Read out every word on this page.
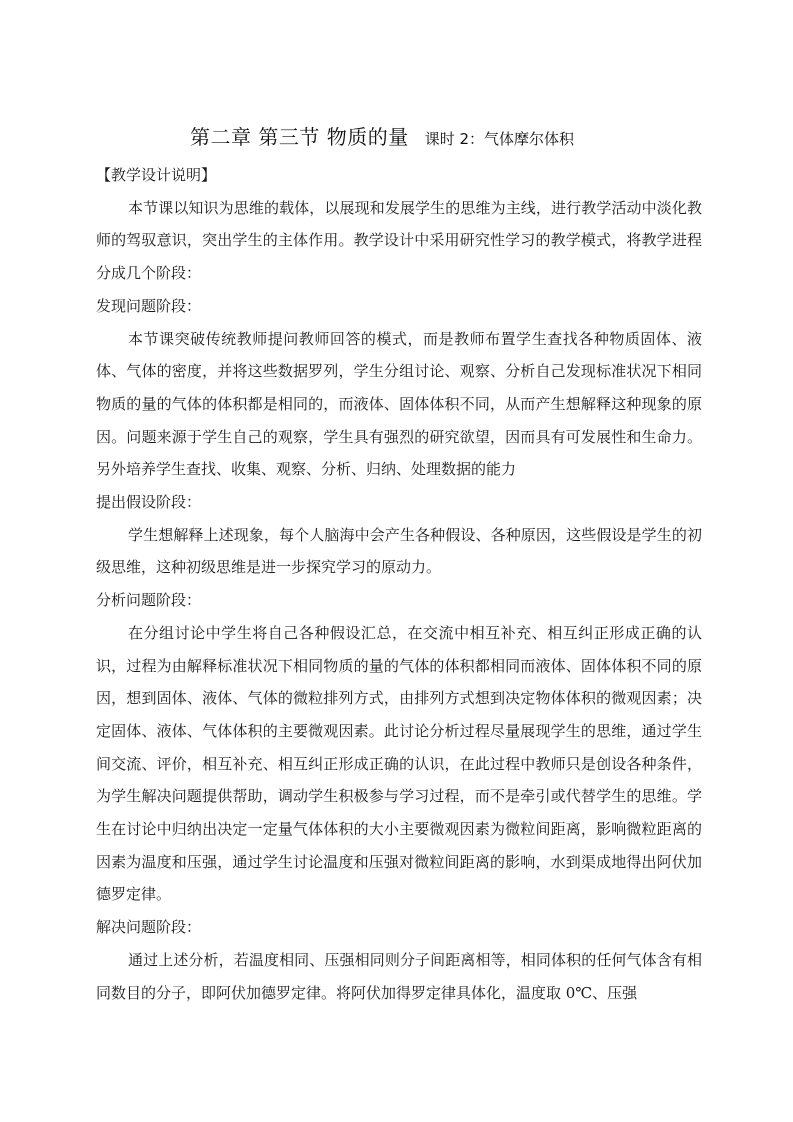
第二章 第三节 物质的量 课时 2：气体摩尔体积

【教学设计说明】

本节课以知识为思维的载体，以展现和发展学生的思维为主线，进行教学活动中淡化教师的驾驭意识，突出学生的主体作用。教学设计中采用研究性学习的教学模式，将教学进程分成几个阶段：

发现问题阶段：

本节课突破传统教师提问教师回答的模式，而是教师布置学生查找各种物质固体、液体、气体的密度，并将这些数据罗列，学生分组讨论、观察、分析自己发现标准状况下相同物质的量的气体的体积都是相同的，而液体、固体体积不同，从而产生想解释这种现象的原因。问题来源于学生自己的观察，学生具有强烈的研究欲望，因而具有可发展性和生命力。另外培养学生查找、收集、观察、分析、归纳、处理数据的能力

提出假设阶段：

学生想解释上述现象，每个人脑海中会产生各种假设、各种原因，这些假设是学生的初级思维，这种初级思维是进一步探究学习的原动力。

分析问题阶段：

在分组讨论中学生将自己各种假设汇总，在交流中相互补充、相互纠正形成正确的认识，过程为由解释标准状况下相同物质的量的气体的体积都相同而液体、固体体积不同的原因，想到固体、液体、气体的微粒排列方式，由排列方式想到决定物体体积的微观因素；决定固体、液体、气体体积的主要微观因素。此讨论分析过程尽量展现学生的思维，通过学生间交流、评价，相互补充、相互纠正形成正确的认识，在此过程中教师只是创设各种条件，为学生解决问题提供帮助，调动学生积极参与学习过程，而不是牵引或代替学生的思维。学生在讨论中归纳出决定一定量气体体积的大小主要微观因素为微粒间距离，影响微粒距离的因素为温度和压强，通过学生讨论温度和压强对微粒间距离的影响，水到渠成地得出阿伏加德罗定律。

解决问题阶段：

通过上述分析，若温度相同、压强相同则分子间距离相等，相同体积的任何气体含有相同数目的分子，即阿伏加德罗定律。将阿伏加得罗定律具体化，温度取 0℃、压强
